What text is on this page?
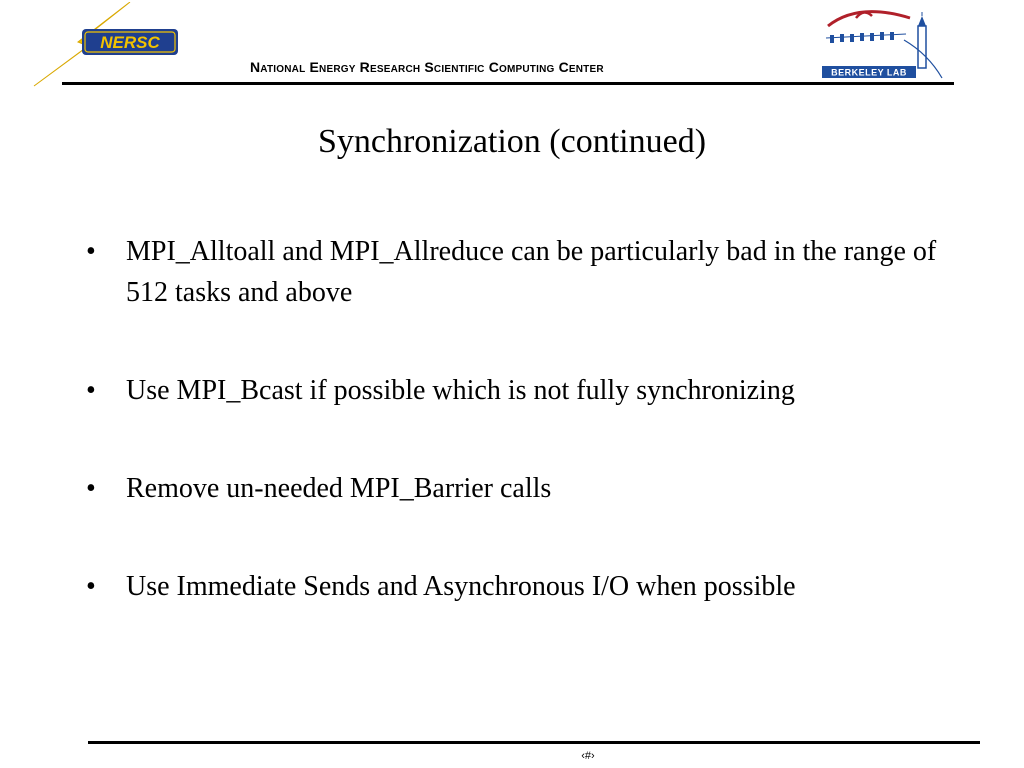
NERSC
National Energy Research Scientific Computing Center	BERKELEY LAB
Synchronization (continued)
•	MPI_Alltoall and MPI_Allreduce can be particularly bad in the range of 512 tasks and above
•	Use MPI_Bcast if possible which is not fully synchronizing
•	Remove un-needed MPI_Barrier calls
•	Use Immediate Sends and Asynchronous I/O when possible
‹#›
